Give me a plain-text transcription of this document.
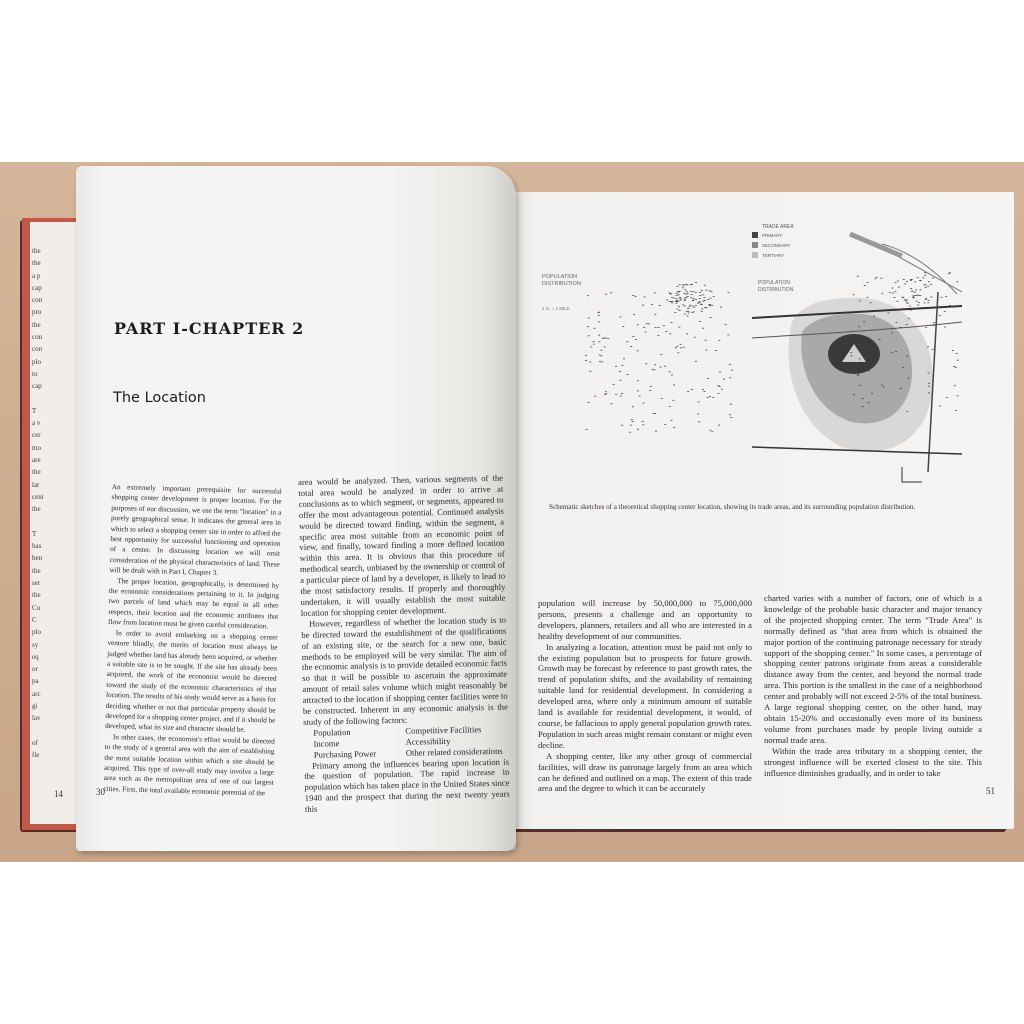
the
the
a p
cap
con
pro
the
con
con
plo
to
cap

T
a v
cer
mo
are
the
lar
ceni
the

T
has
ben
the
ser
the
Cu
C
plo
sy
eq
or
pa
arc
gi
lav

of
fie
14
PART I-CHAPTER 2
The Location

An extremely important prerequisite for successful shopping center development is proper location. For the purposes of our discussion, we use the term "location" in a purely geographical sense. It indicates the general area in which to select a shopping center site in order to afford the best opportunity for successful functioning and operation of a center. In discussing location we will omit consideration of the physical characteristics of land. These will be dealt with in Part I, Chapter 3.

The proper location, geographically, is determined by the economic considerations pertaining to it. In judging two parcels of land which may be equal in all other respects, their location and the economic attributes that flow from location must be given careful consideration.

In order to avoid embarking on a shopping center venture blindly, the merits of location must always be judged whether land has already been acquired, or whether a suitable site is to be sought. If the site has already been acquired, the work of the economist would be directed toward the study of the economic characteristics of that location. The results of his study would serve as a basis for deciding whether or not that particular property should be developed for a shopping center project, and if it should be developed, what its size and character should be.

In other cases, the economist's effort would be directed to the study of a general area with the aim of establishing the most suitable location within which a site should be acquired. This type of over-all study may involve a large area such as the metropolitan area of one of our largest cities. First, the total available economic potential of the

area would be analyzed. Then, various segments of the total area would be analyzed in order to arrive at conclusions as to which segment, or segments, appeared to offer the most advantageous potential. Continued analysis would be directed toward finding, within the segment, a specific area most suitable from an economic point of view, and finally, toward finding a more defined location within this area. It is obvious that this procedure of methodical search, unbiased by the ownership or control of a particular piece of land by a developer, is likely to lead to the most satisfactory results. If properly and thoroughly undertaken, it will usually establish the most suitable location for shopping center development.

However, regardless of whether the location study is to be directed toward the establishment of the qualifications of an existing site, or the search for a new one, basic methods to be employed will be very similar. The aim of the economic analysis is to provide detailed economic facts so that it will be possible to ascertain the approximate amount of retail sales volume which might reasonably be attracted to the location if shopping center facilities were to be constructed. Inherent in any economic analysis is the study of the following factors:

Population	Competitive Facilities
Income	Accessibility
Purchasing Power	Other related considerations

Primary among the influences bearing upon location is the question of population. The rapid increase in population which has taken place in the United States since 1940 and the prospect that during the next twenty years this

30
POPULATION
DISTRIBUTION
1 in. = 1 MILE
TRADE AREA
PRIMARY
SECONDARY
TERTIARY
POPULATION
DISTRIBUTION
Schematic sketches of a theoretical shopping center location, showing its trade areas, and its surrounding population distribution.

population will increase by 50,000,000 to 75,000,000 persons, presents a challenge and an opportunity to developers, planners, retailers and all who are interested in a healthy development of our communities.

In analyzing a location, attention must be paid not only to the existing population but to prospects for future growth. Growth may be forecast by reference to past growth rates, the trend of population shifts, and the availability of remaining suitable land for residential development. In considering a developed area, where only a minimum amount of suitable land is available for residential development, it would, of course, be fallacious to apply general population growth rates. Population in such areas might remain constant or might even decline.

A shopping center, like any other group of commercial facilities, will draw its patronage largely from an area which can be defined and outlined on a map. The extent of this trade area and the degree to which it can be accurately

charted varies with a number of factors, one of which is a knowledge of the probable basic character and major tenancy of the projected shopping center. The term "Trade Area" is normally defined as "that area from which is obtained the major portion of the continuing patronage necessary for steady support of the shopping center." In some cases, a percentage of shopping center patrons originate from areas a considerable distance away from the center, and beyond the normal trade area. This portion is the smallest in the case of a neighborhood center and probably will not exceed 2-5% of the total business. A large regional shopping center, on the other hand, may obtain 15-20% and occasionally even more of its business volume from purchases made by people living outside a normal trade area.

Within the trade area tributary to a shopping center, the strongest influence will be exerted closest to the site. This influence diminishes gradually, and in order to take

51
